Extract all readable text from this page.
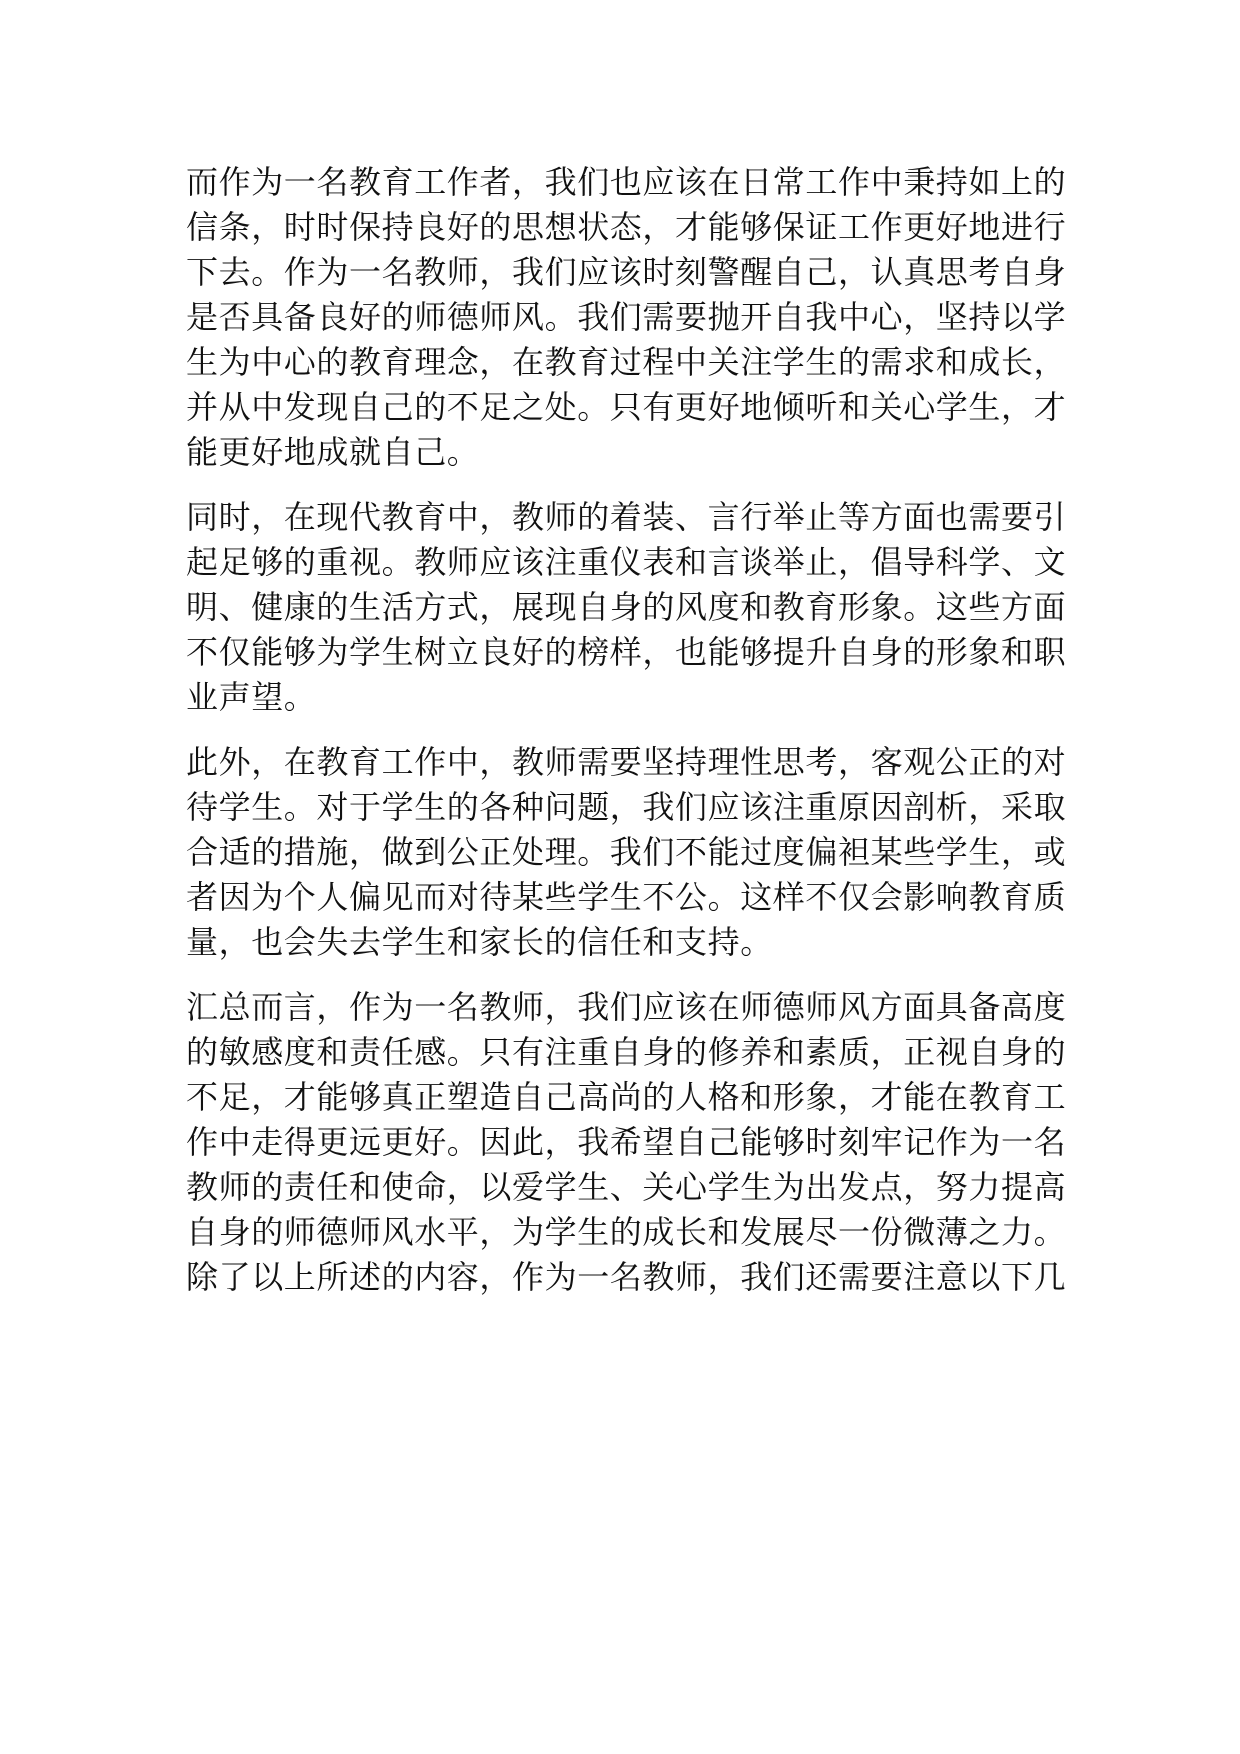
而作为一名教育工作者，我们也应该在日常工作中秉持如上的
信条，时时保持良好的思想状态，才能够保证工作更好地进行
下去。作为一名教师，我们应该时刻警醒自己，认真思考自身
是否具备良好的师德师风。我们需要抛开自我中心，坚持以学
生为中心的教育理念，在教育过程中关注学生的需求和成长，
并从中发现自己的不足之处。只有更好地倾听和关心学生，才
能更好地成就自己。
同时，在现代教育中，教师的着装、言行举止等方面也需要引
起足够的重视。教师应该注重仪表和言谈举止，倡导科学、文
明、健康的生活方式，展现自身的风度和教育形象。这些方面
不仅能够为学生树立良好的榜样，也能够提升自身的形象和职
业声望。
此外，在教育工作中，教师需要坚持理性思考，客观公正的对
待学生。对于学生的各种问题，我们应该注重原因剖析，采取
合适的措施，做到公正处理。我们不能过度偏袒某些学生，或
者因为个人偏见而对待某些学生不公。这样不仅会影响教育质
量，也会失去学生和家长的信任和支持。
汇总而言，作为一名教师，我们应该在师德师风方面具备高度
的敏感度和责任感。只有注重自身的修养和素质，正视自身的
不足，才能够真正塑造自己高尚的人格和形象，才能在教育工
作中走得更远更好。因此，我希望自己能够时刻牢记作为一名
教师的责任和使命，以爱学生、关心学生为出发点，努力提高
自身的师德师风水平，为学生的成长和发展尽一份微薄之力。
除了以上所述的内容，作为一名教师，我们还需要注意以下几
